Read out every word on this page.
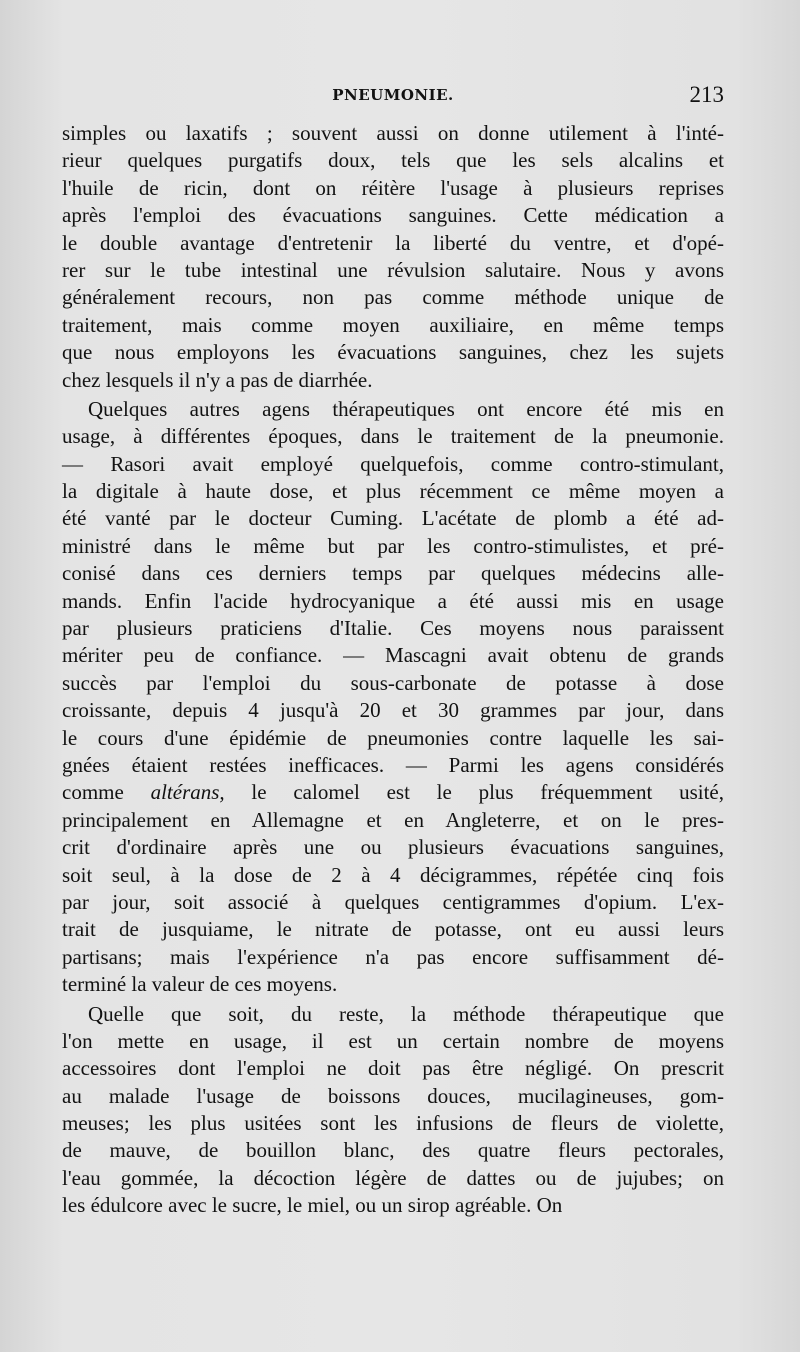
PNEUMONIE.	213
simples ou laxatifs ; souvent aussi on donne utilement à l'inté-
rieur quelques purgatifs doux, tels que les sels alcalins et
l'huile de ricin, dont on réitère l'usage à plusieurs reprises
après l'emploi des évacuations sanguines. Cette médication a
le double avantage d'entretenir la liberté du ventre, et d'opé-
rer sur le tube intestinal une révulsion salutaire. Nous y avons
généralement recours, non pas comme méthode unique de
traitement, mais comme moyen auxiliaire, en même temps
que nous employons les évacuations sanguines, chez les sujets
chez lesquels il n'y a pas de diarrhée.
Quelques autres agens thérapeutiques ont encore été mis en
usage, à différentes époques, dans le traitement de la pneumonie.
— Rasori avait employé quelquefois, comme contro-stimulant,
la digitale à haute dose, et plus récemment ce même moyen a
été vanté par le docteur Cuming. L'acétate de plomb a été ad-
ministré dans le même but par les contro-stimulistes, et pré-
conisé dans ces derniers temps par quelques médecins alle-
mands. Enfin l'acide hydrocyanique a été aussi mis en usage
par plusieurs praticiens d'Italie. Ces moyens nous paraissent
mériter peu de confiance. — Mascagni avait obtenu de grands
succès par l'emploi du sous-carbonate de potasse à dose
croissante, depuis 4 jusqu'à 20 et 30 grammes par jour, dans
le cours d'une épidémie de pneumonies contre laquelle les sai-
gnées étaient restées inefficaces. — Parmi les agens considérés
comme altérans, le calomel est le plus fréquemment usité,
principalement en Allemagne et en Angleterre, et on le pres-
crit d'ordinaire après une ou plusieurs évacuations sanguines,
soit seul, à la dose de 2 à 4 décigrammes, répétée cinq fois
par jour, soit associé à quelques centigrammes d'opium. L'ex-
trait de jusquiame, le nitrate de potasse, ont eu aussi leurs
partisans; mais l'expérience n'a pas encore suffisamment dé-
terminé la valeur de ces moyens.
Quelle que soit, du reste, la méthode thérapeutique que
l'on mette en usage, il est un certain nombre de moyens
accessoires dont l'emploi ne doit pas être négligé. On prescrit
au malade l'usage de boissons douces, mucilagineuses, gom-
meuses; les plus usitées sont les infusions de fleurs de violette,
de mauve, de bouillon blanc, des quatre fleurs pectorales,
l'eau gommée, la décoction légère de dattes ou de jujubes; on
les édulcore avec le sucre, le miel, ou un sirop agréable. On
